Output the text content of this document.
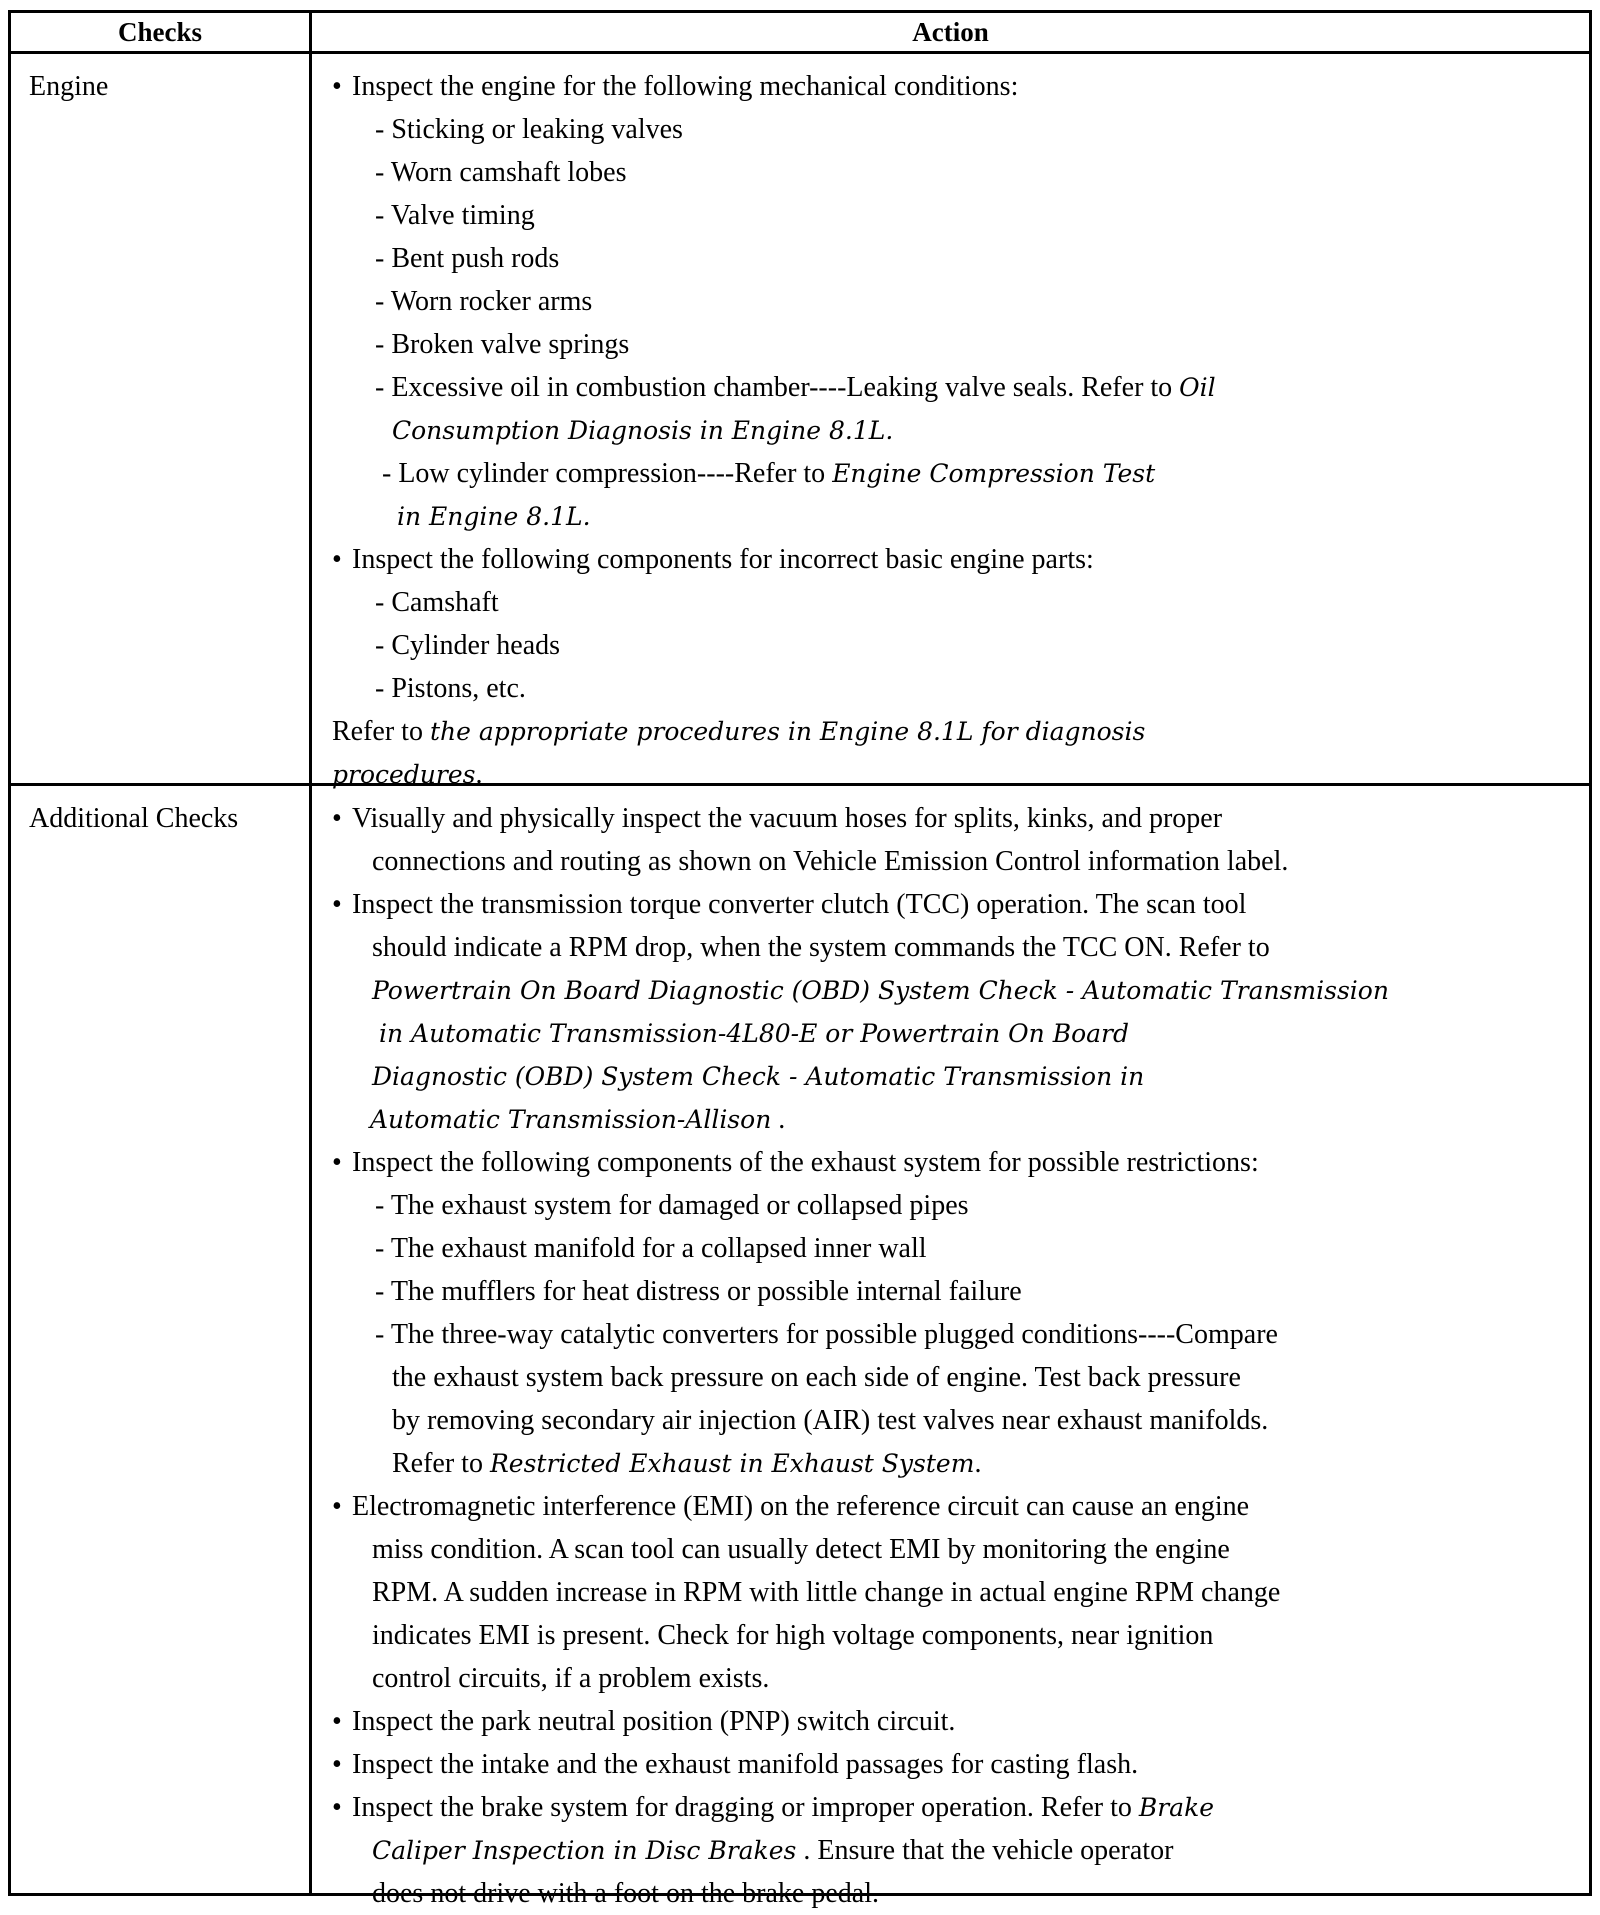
Checks	Action
Engine	Inspect the engine for the following mechanical conditions:
- Sticking or leaking valves
- Worn camshaft lobes
- Valve timing
- Bent push rods
- Worn rocker arms
- Broken valve springs
- Excessive oil in combustion chamber----Leaking valve seals. Refer to Oil
Consumption Diagnosis in Engine 8.1L.
- Low cylinder compression----Refer to Engine Compression Test
in Engine 8.1L.
Inspect the following components for incorrect basic engine parts:
- Camshaft
- Cylinder heads
- Pistons, etc.
Refer to the appropriate procedures in Engine 8.1L for diagnosis
procedures.
Additional Checks	Visually and physically inspect the vacuum hoses for splits, kinks, and proper
connections and routing as shown on Vehicle Emission Control information label.
Inspect the transmission torque converter clutch (TCC) operation. The scan tool
should indicate a RPM drop, when the system commands the TCC ON. Refer to
Powertrain On Board Diagnostic (OBD) System Check - Automatic Transmission
in Automatic Transmission-4L80-E or Powertrain On Board
Diagnostic (OBD) System Check - Automatic Transmission in
Automatic Transmission-Allison .
Inspect the following components of the exhaust system for possible restrictions:
- The exhaust system for damaged or collapsed pipes
- The exhaust manifold for a collapsed inner wall
- The mufflers for heat distress or possible internal failure
- The three-way catalytic converters for possible plugged conditions----Compare
the exhaust system back pressure on each side of engine. Test back pressure
by removing secondary air injection (AIR) test valves near exhaust manifolds.
Refer to Restricted Exhaust in Exhaust System.
Electromagnetic interference (EMI) on the reference circuit can cause an engine
miss condition. A scan tool can usually detect EMI by monitoring the engine
RPM. A sudden increase in RPM with little change in actual engine RPM change
indicates EMI is present. Check for high voltage components, near ignition
control circuits, if a problem exists.
Inspect the park neutral position (PNP) switch circuit.
Inspect the intake and the exhaust manifold passages for casting flash.
Inspect the brake system for dragging or improper operation. Refer to Brake
Caliper Inspection in Disc Brakes . Ensure that the vehicle operator
does not drive with a foot on the brake pedal.
